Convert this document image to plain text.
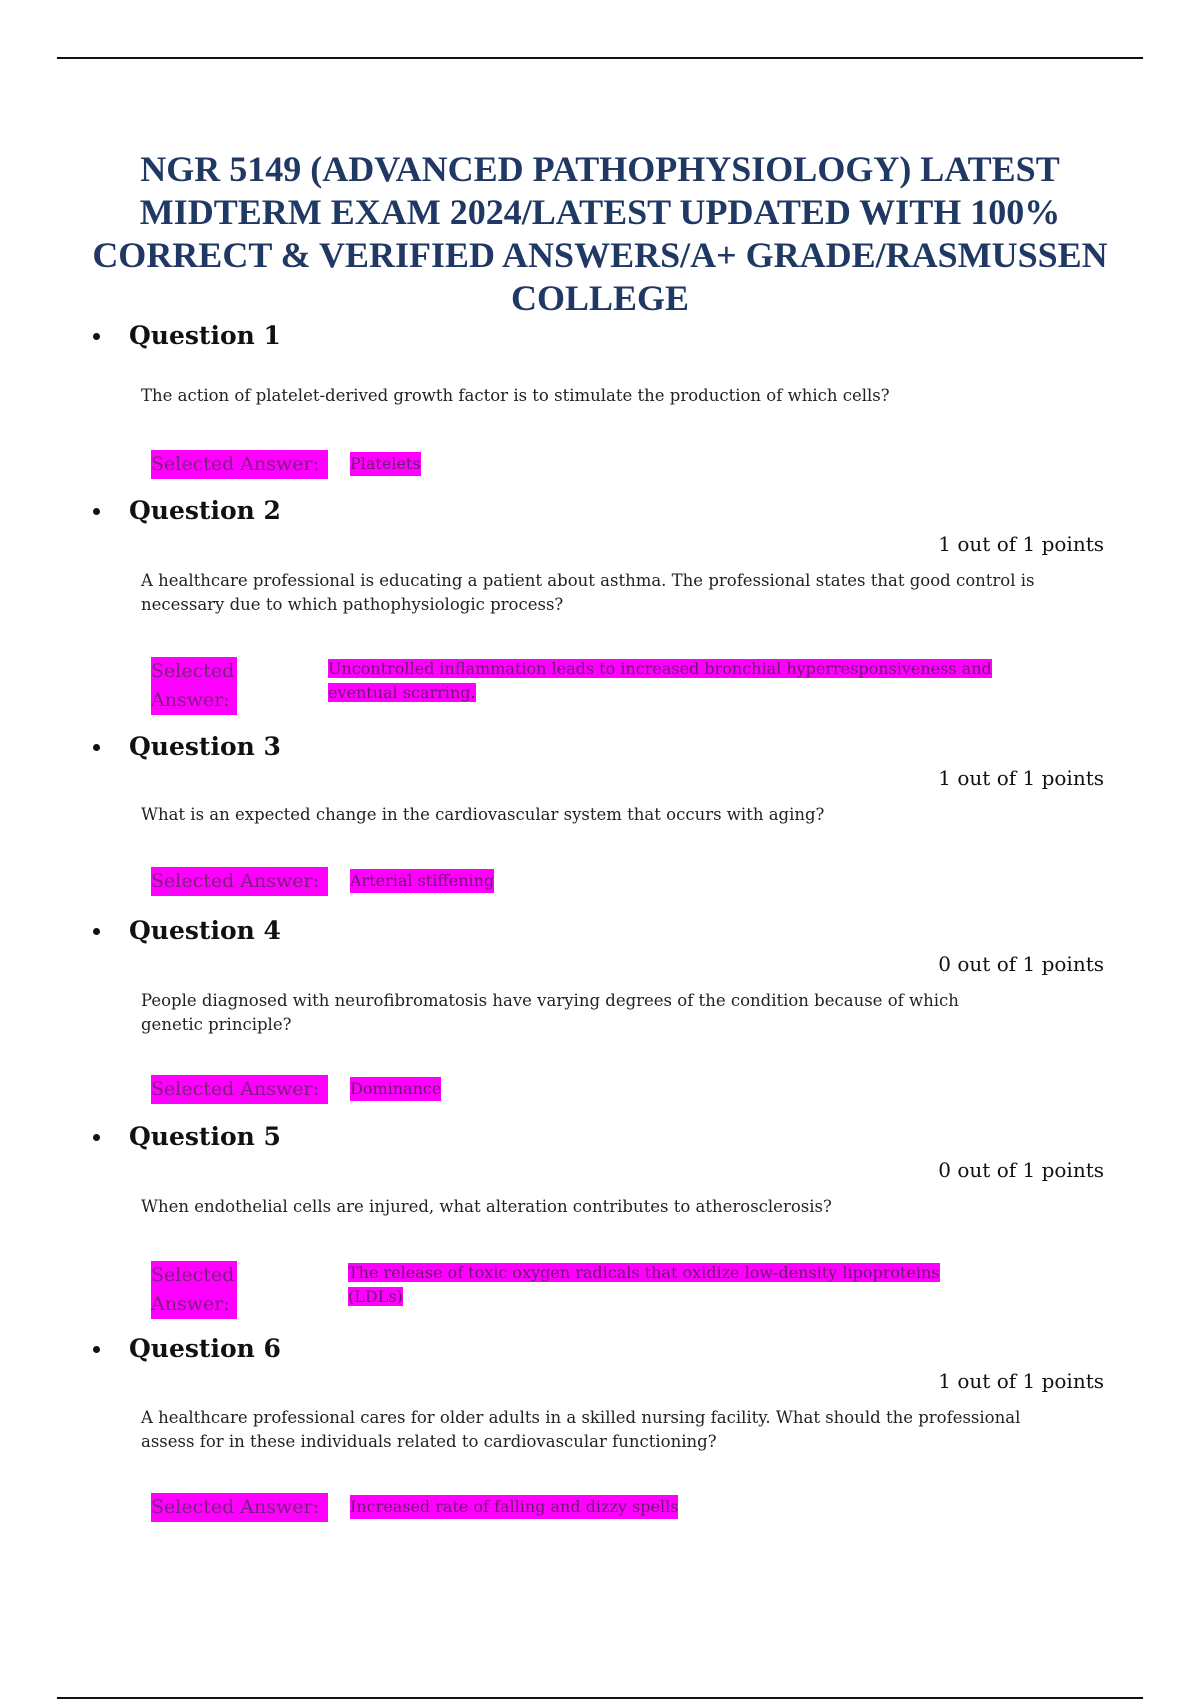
NGR 5149 (ADVANCED PATHOPHYSIOLOGY) LATEST MIDTERM EXAM 2024/LATEST UPDATED WITH 100% CORRECT & VERIFIED ANSWERS/A+ GRADE/RASMUSSEN COLLEGE
Question 1

The action of platelet-derived growth factor is to stimulate the production of which cells?

Selected Answer:	Platelets
Question 2
1 out of 1 points

A healthcare professional is educating a patient about asthma. The professional states that good control is necessary due to which pathophysiologic process?

Selected Answer:
Uncontrolled inflammation leads to increased bronchial hyperresponsiveness and eventual scarring.
Question 3
1 out of 1 points

What is an expected change in the cardiovascular system that occurs with aging?

Selected Answer:	Arterial stiffening
Question 4
0 out of 1 points

People diagnosed with neurofibromatosis have varying degrees of the condition because of which genetic principle?

Selected Answer:	Dominance
Question 5
0 out of 1 points

When endothelial cells are injured, what alteration contributes to atherosclerosis?

Selected Answer:
The release of toxic oxygen radicals that oxidize low-density lipoproteins (LDLs)
Question 6
1 out of 1 points

A healthcare professional cares for older adults in a skilled nursing facility. What should the professional assess for in these individuals related to cardiovascular functioning?

Selected Answer:	Increased rate of falling and dizzy spells
